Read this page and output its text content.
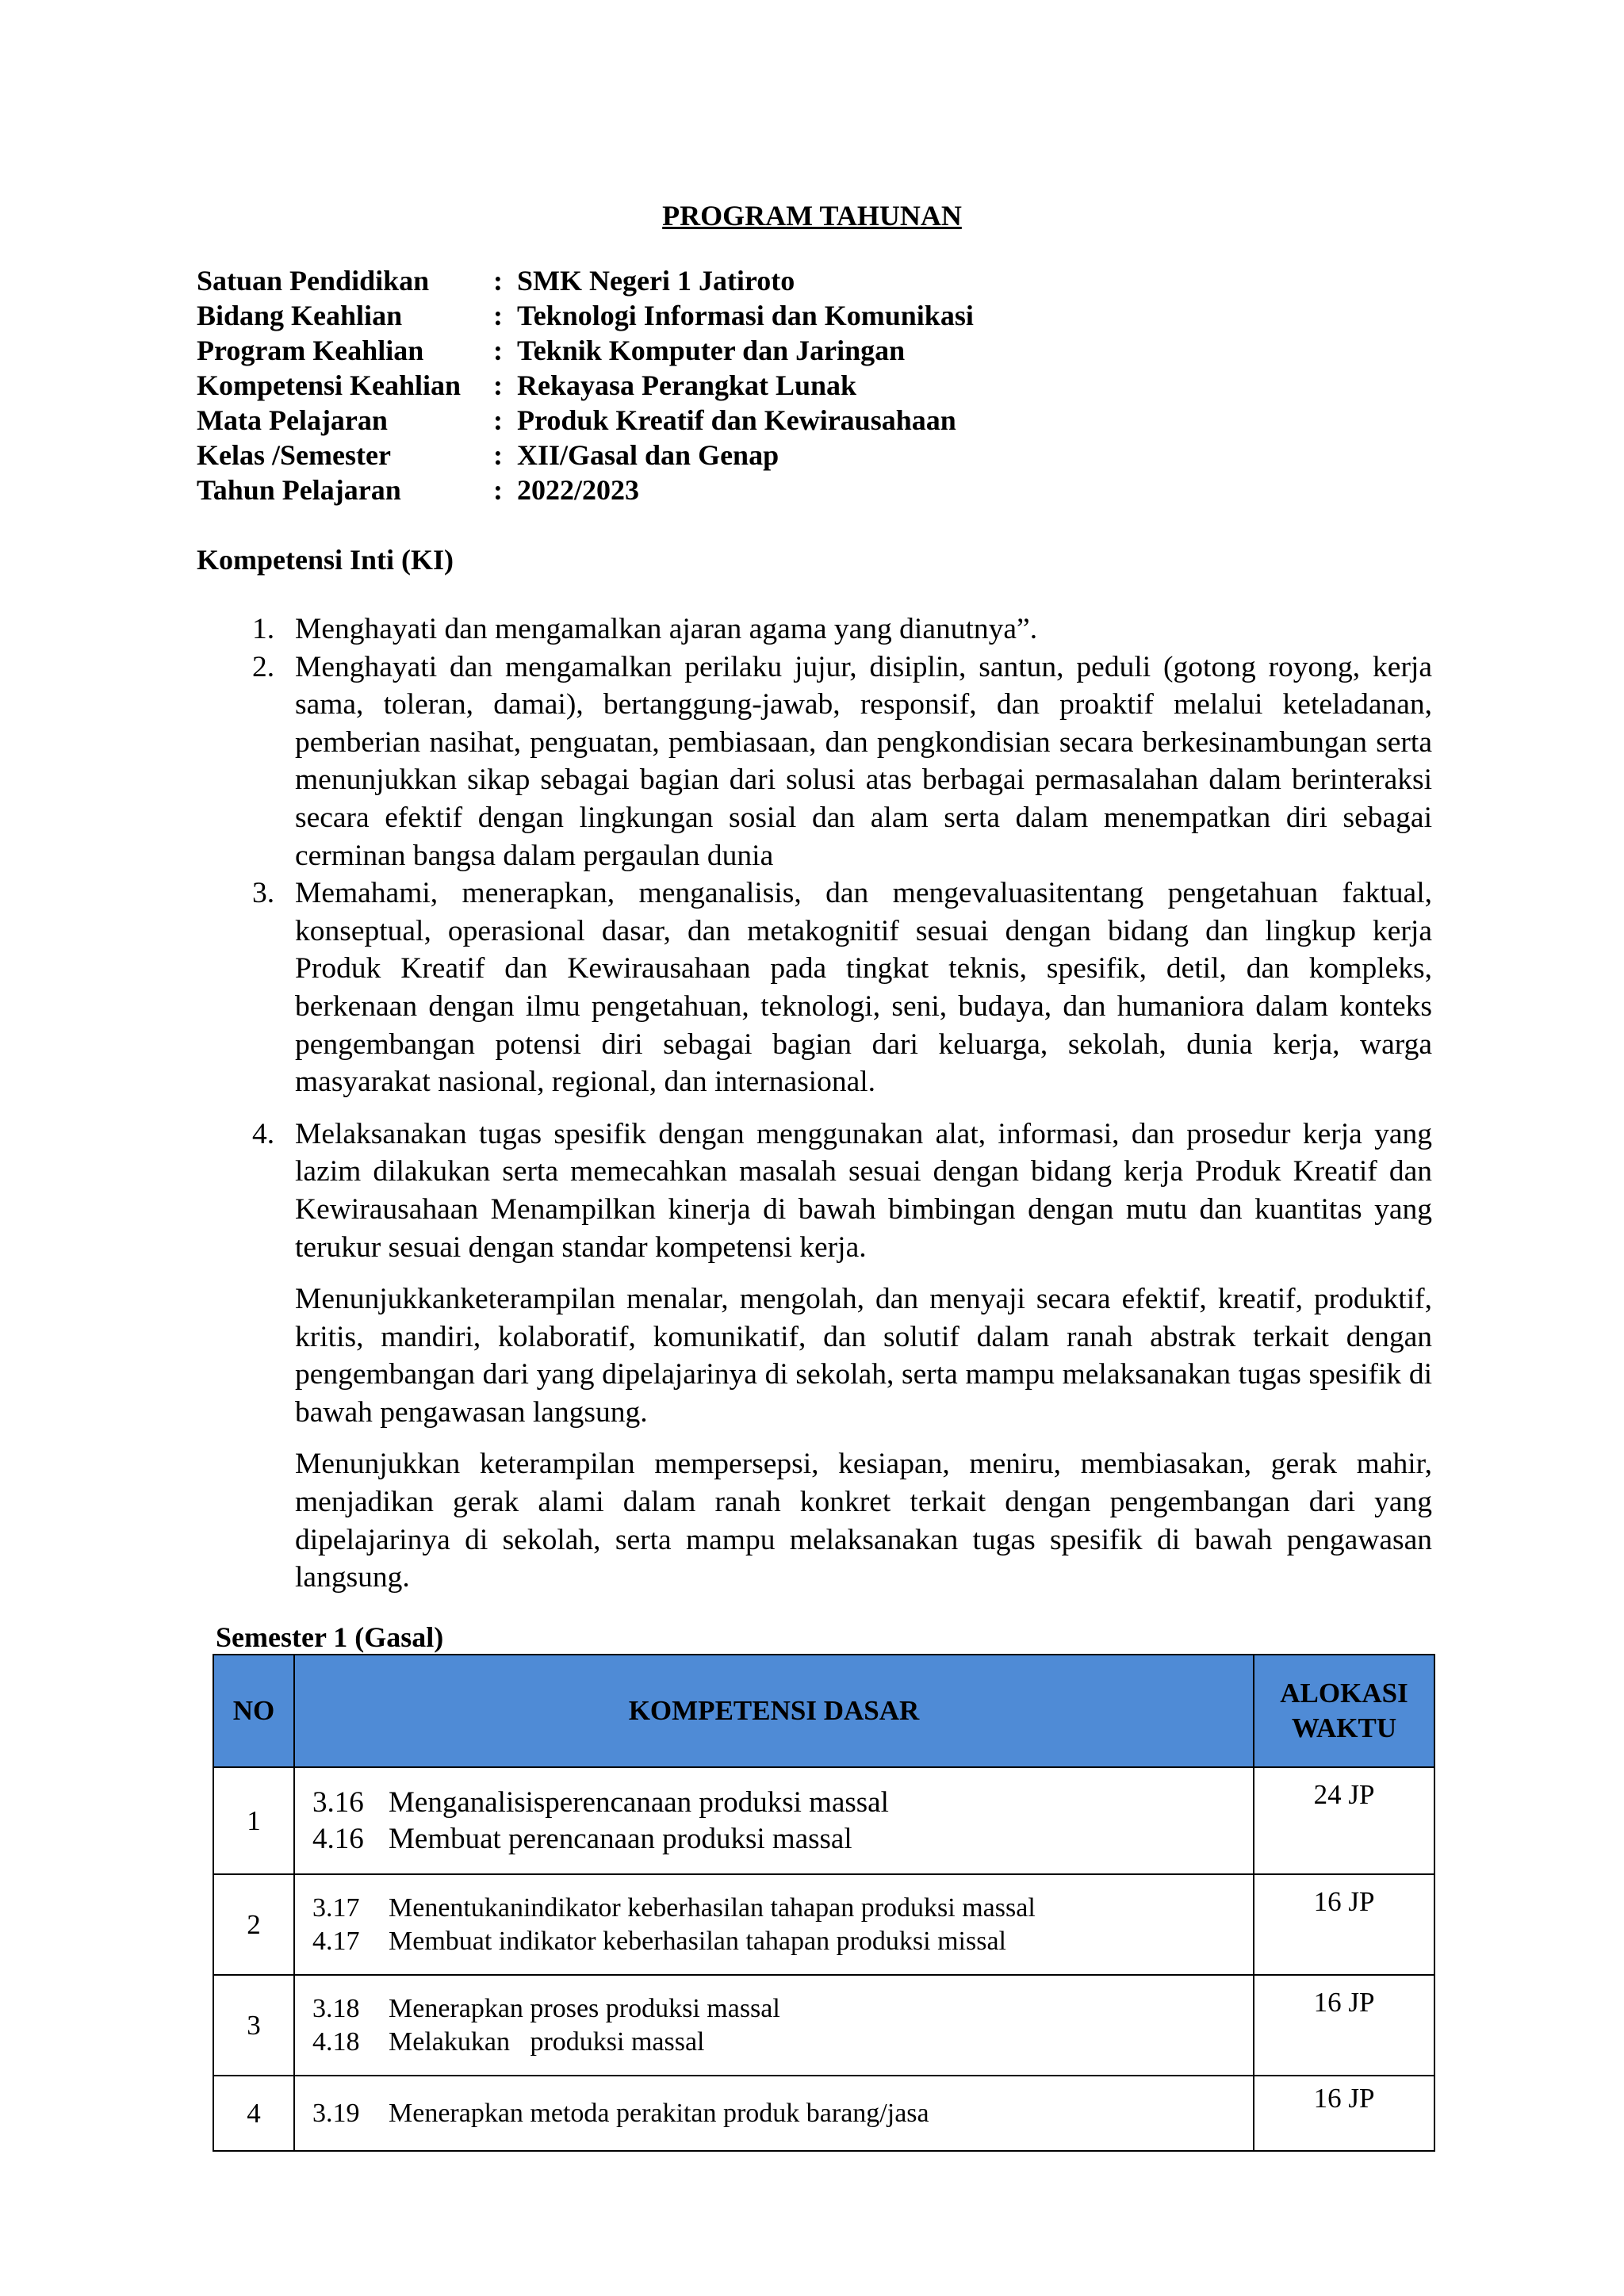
PROGRAM TAHUNAN
Satuan Pendidikan	: SMK Negeri 1 Jatiroto
Bidang Keahlian	: Teknologi Informasi dan Komunikasi
Program Keahlian	: Teknik Komputer dan Jaringan
Kompetensi Keahlian	: Rekayasa Perangkat Lunak
Mata Pelajaran	: Produk Kreatif dan Kewirausahaan
Kelas /Semester	: XII/Gasal dan Genap
Tahun Pelajaran	: 2022/2023
Kompetensi Inti (KI)
1. Menghayati dan mengamalkan ajaran agama yang dianutnya”.
2. Menghayati dan mengamalkan perilaku jujur, disiplin, santun, peduli (gotong royong, kerja sama, toleran, damai), bertanggung-jawab, responsif, dan proaktif melalui keteladanan, pemberian nasihat, penguatan, pembiasaan, dan pengkondisian secara berkesinambungan serta menunjukkan sikap sebagai bagian dari solusi atas berbagai permasalahan dalam berinteraksi secara efektif dengan lingkungan sosial dan alam serta dalam menempatkan diri sebagai cerminan bangsa dalam pergaulan dunia
3. Memahami, menerapkan, menganalisis, dan mengevaluasitentang pengetahuan faktual, konseptual, operasional dasar, dan metakognitif sesuai dengan bidang dan lingkup kerja Produk Kreatif dan Kewirausahaan pada tingkat teknis, spesifik, detil, dan kompleks, berkenaan dengan ilmu pengetahuan, teknologi, seni, budaya, dan humaniora dalam konteks pengembangan potensi diri sebagai bagian dari keluarga, sekolah, dunia kerja, warga masyarakat nasional, regional, dan internasional.
4. Melaksanakan tugas spesifik dengan menggunakan alat, informasi, dan prosedur kerja yang lazim dilakukan serta memecahkan masalah sesuai dengan bidang kerja Produk Kreatif dan Kewirausahaan Menampilkan kinerja di bawah bimbingan dengan mutu dan kuantitas yang terukur sesuai dengan standar kompetensi kerja.
Menunjukkanketerampilan menalar, mengolah, dan menyaji secara efektif, kreatif, produktif, kritis, mandiri, kolaboratif, komunikatif, dan solutif dalam ranah abstrak terkait dengan pengembangan dari yang dipelajarinya di sekolah, serta mampu melaksanakan tugas spesifik di bawah pengawasan langsung.
Menunjukkan keterampilan mempersepsi, kesiapan, meniru, membiasakan, gerak mahir, menjadikan gerak alami dalam ranah konkret terkait dengan pengembangan dari yang dipelajarinya di sekolah, serta mampu melaksanakan tugas spesifik di bawah pengawasan langsung.
Semester 1 (Gasal)
NO	KOMPETENSI DASAR	ALOKASI
WAKTU

1	3.16 Menganalisisperencanaan produksi massal
4.16 Membuat perencanaan produksi massal	24 JP
2	3.17 Menentukanindikator keberhasilan tahapan produksi massal
4.17 Membuat indikator keberhasilan tahapan produksi missal	16 JP
3	3.18 Menerapkan proses produksi massal
4.18 Melakukan   produksi massal	16 JP
4	3.19 Menerapkan metoda perakitan produk barang/jasa	16 JP
